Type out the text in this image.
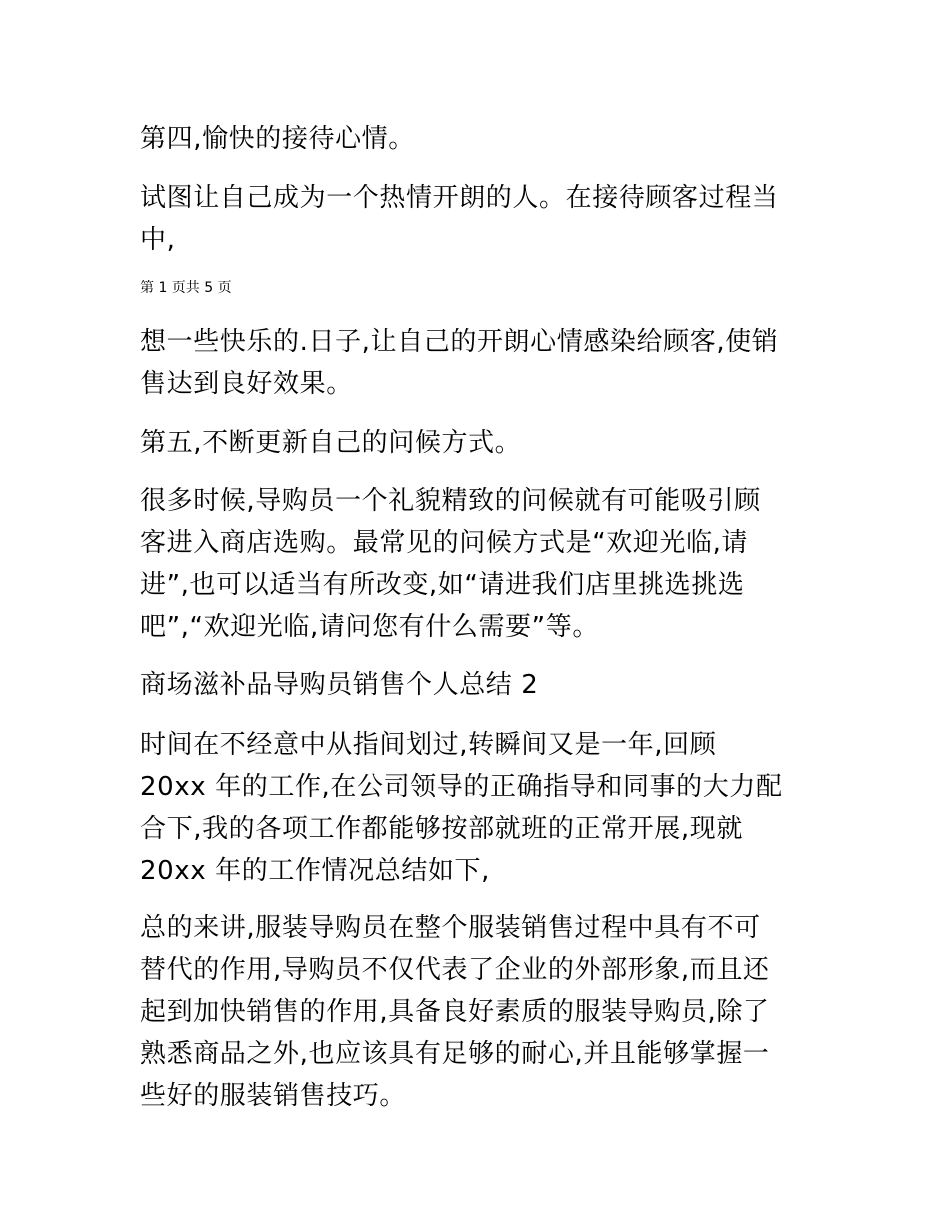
第四,愉快的接待心情。

试图让自己成为一个热情开朗的人。在接待顾客过程当
中,

第 1 页共 5 页

想一些快乐的.日子,让自己的开朗心情感染给顾客,使销
售达到良好效果。

第五,不断更新自己的问候方式。

很多时候,导购员一个礼貌精致的问候就有可能吸引顾
客进入商店选购。最常见的问候方式是“欢迎光临,请
进”,也可以适当有所改变,如“请进我们店里挑选挑选
吧”,“欢迎光临,请问您有什么需要”等。

商场滋补品导购员销售个人总结 2

时间在不经意中从指间划过,转瞬间又是一年,回顾
20xx 年的工作,在公司领导的正确指导和同事的大力配
合下,我的各项工作都能够按部就班的正常开展,现就
20xx 年的工作情况总结如下,

总的来讲,服装导购员在整个服装销售过程中具有不可
替代的作用,导购员不仅代表了企业的外部形象,而且还
起到加快销售的作用,具备良好素质的服装导购员,除了
熟悉商品之外,也应该具有足够的耐心,并且能够掌握一
些好的服装销售技巧。
